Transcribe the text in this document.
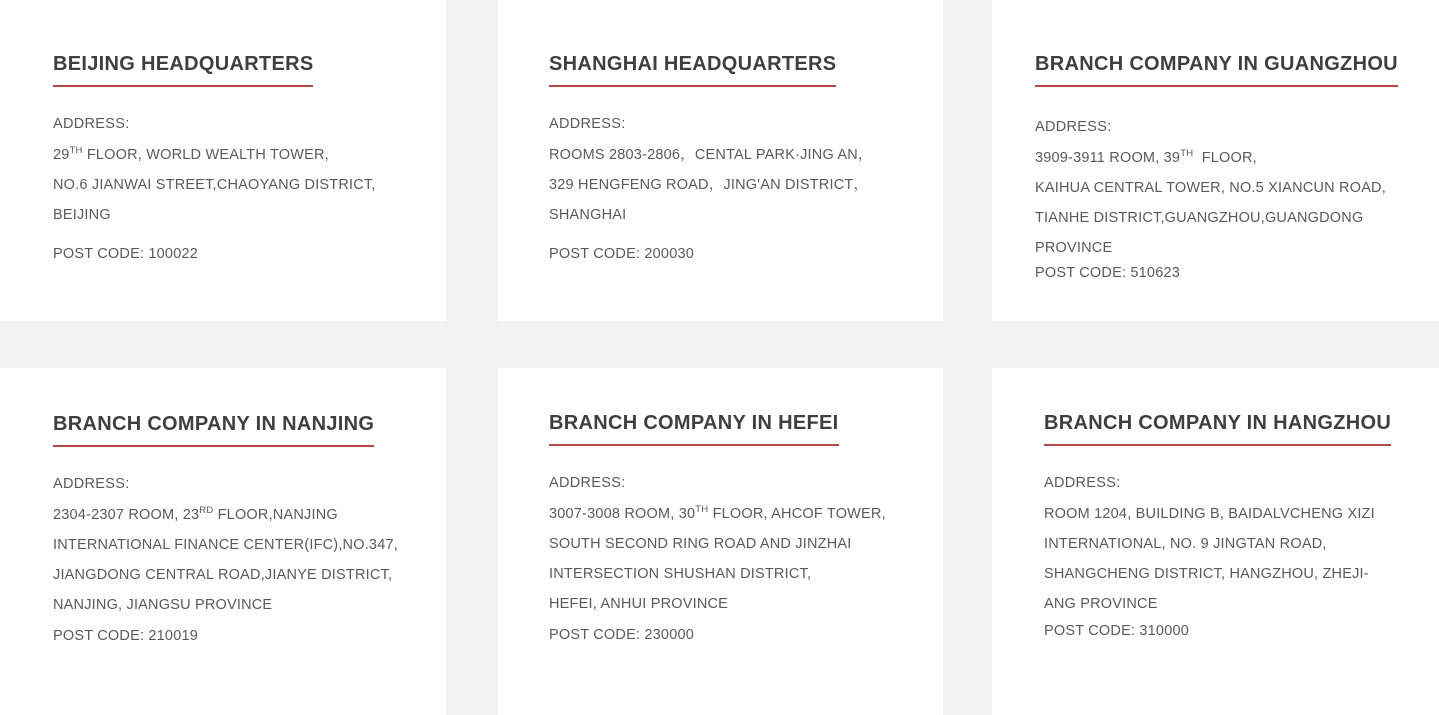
BEIJING HEADQUARTERS
ADDRESS:
29TH FLOOR, WORLD WEALTH TOWER,
NO.6 JIANWAI STREET,CHAOYANG DISTRICT,
BEIJING
POST CODE: 100022
SHANGHAI HEADQUARTERS
ADDRESS:
ROOMS 2803-2806，CENTAL PARK·JING AN，
329 HENGFENG ROAD，JING'AN DISTRICT，
SHANGHAI
POST CODE: 200030
BRANCH COMPANY IN GUANGZHOU
ADDRESS:
3909-3911 ROOM, 39TH  FLOOR,
KAIHUA CENTRAL TOWER, NO.5 XIANCUN ROAD,
TIANHE DISTRICT,GUANGZHOU,GUANGDONG
PROVINCE
POST CODE: 510623
BRANCH COMPANY IN NANJING
ADDRESS:
2304-2307 ROOM, 23RD FLOOR,NANJING
INTERNATIONAL FINANCE CENTER(IFC),NO.347,
JIANGDONG CENTRAL ROAD,JIANYE DISTRICT,
NANJING, JIANGSU PROVINCE
POST CODE: 210019
BRANCH COMPANY IN HEFEI
ADDRESS:
3007-3008 ROOM, 30TH FLOOR, AHCOF TOWER,
SOUTH SECOND RING ROAD AND JINZHAI
INTERSECTION SHUSHAN DISTRICT,
HEFEI, ANHUI PROVINCE
POST CODE: 230000
BRANCH COMPANY IN HANGZHOU
ADDRESS:
ROOM 1204, BUILDING B, BAIDALVCHENG XIZI
INTERNATIONAL, NO. 9 JINGTAN ROAD,
SHANGCHENG DISTRICT, HANGZHOU, ZHEJI-
ANG PROVINCE
POST CODE: 310000
